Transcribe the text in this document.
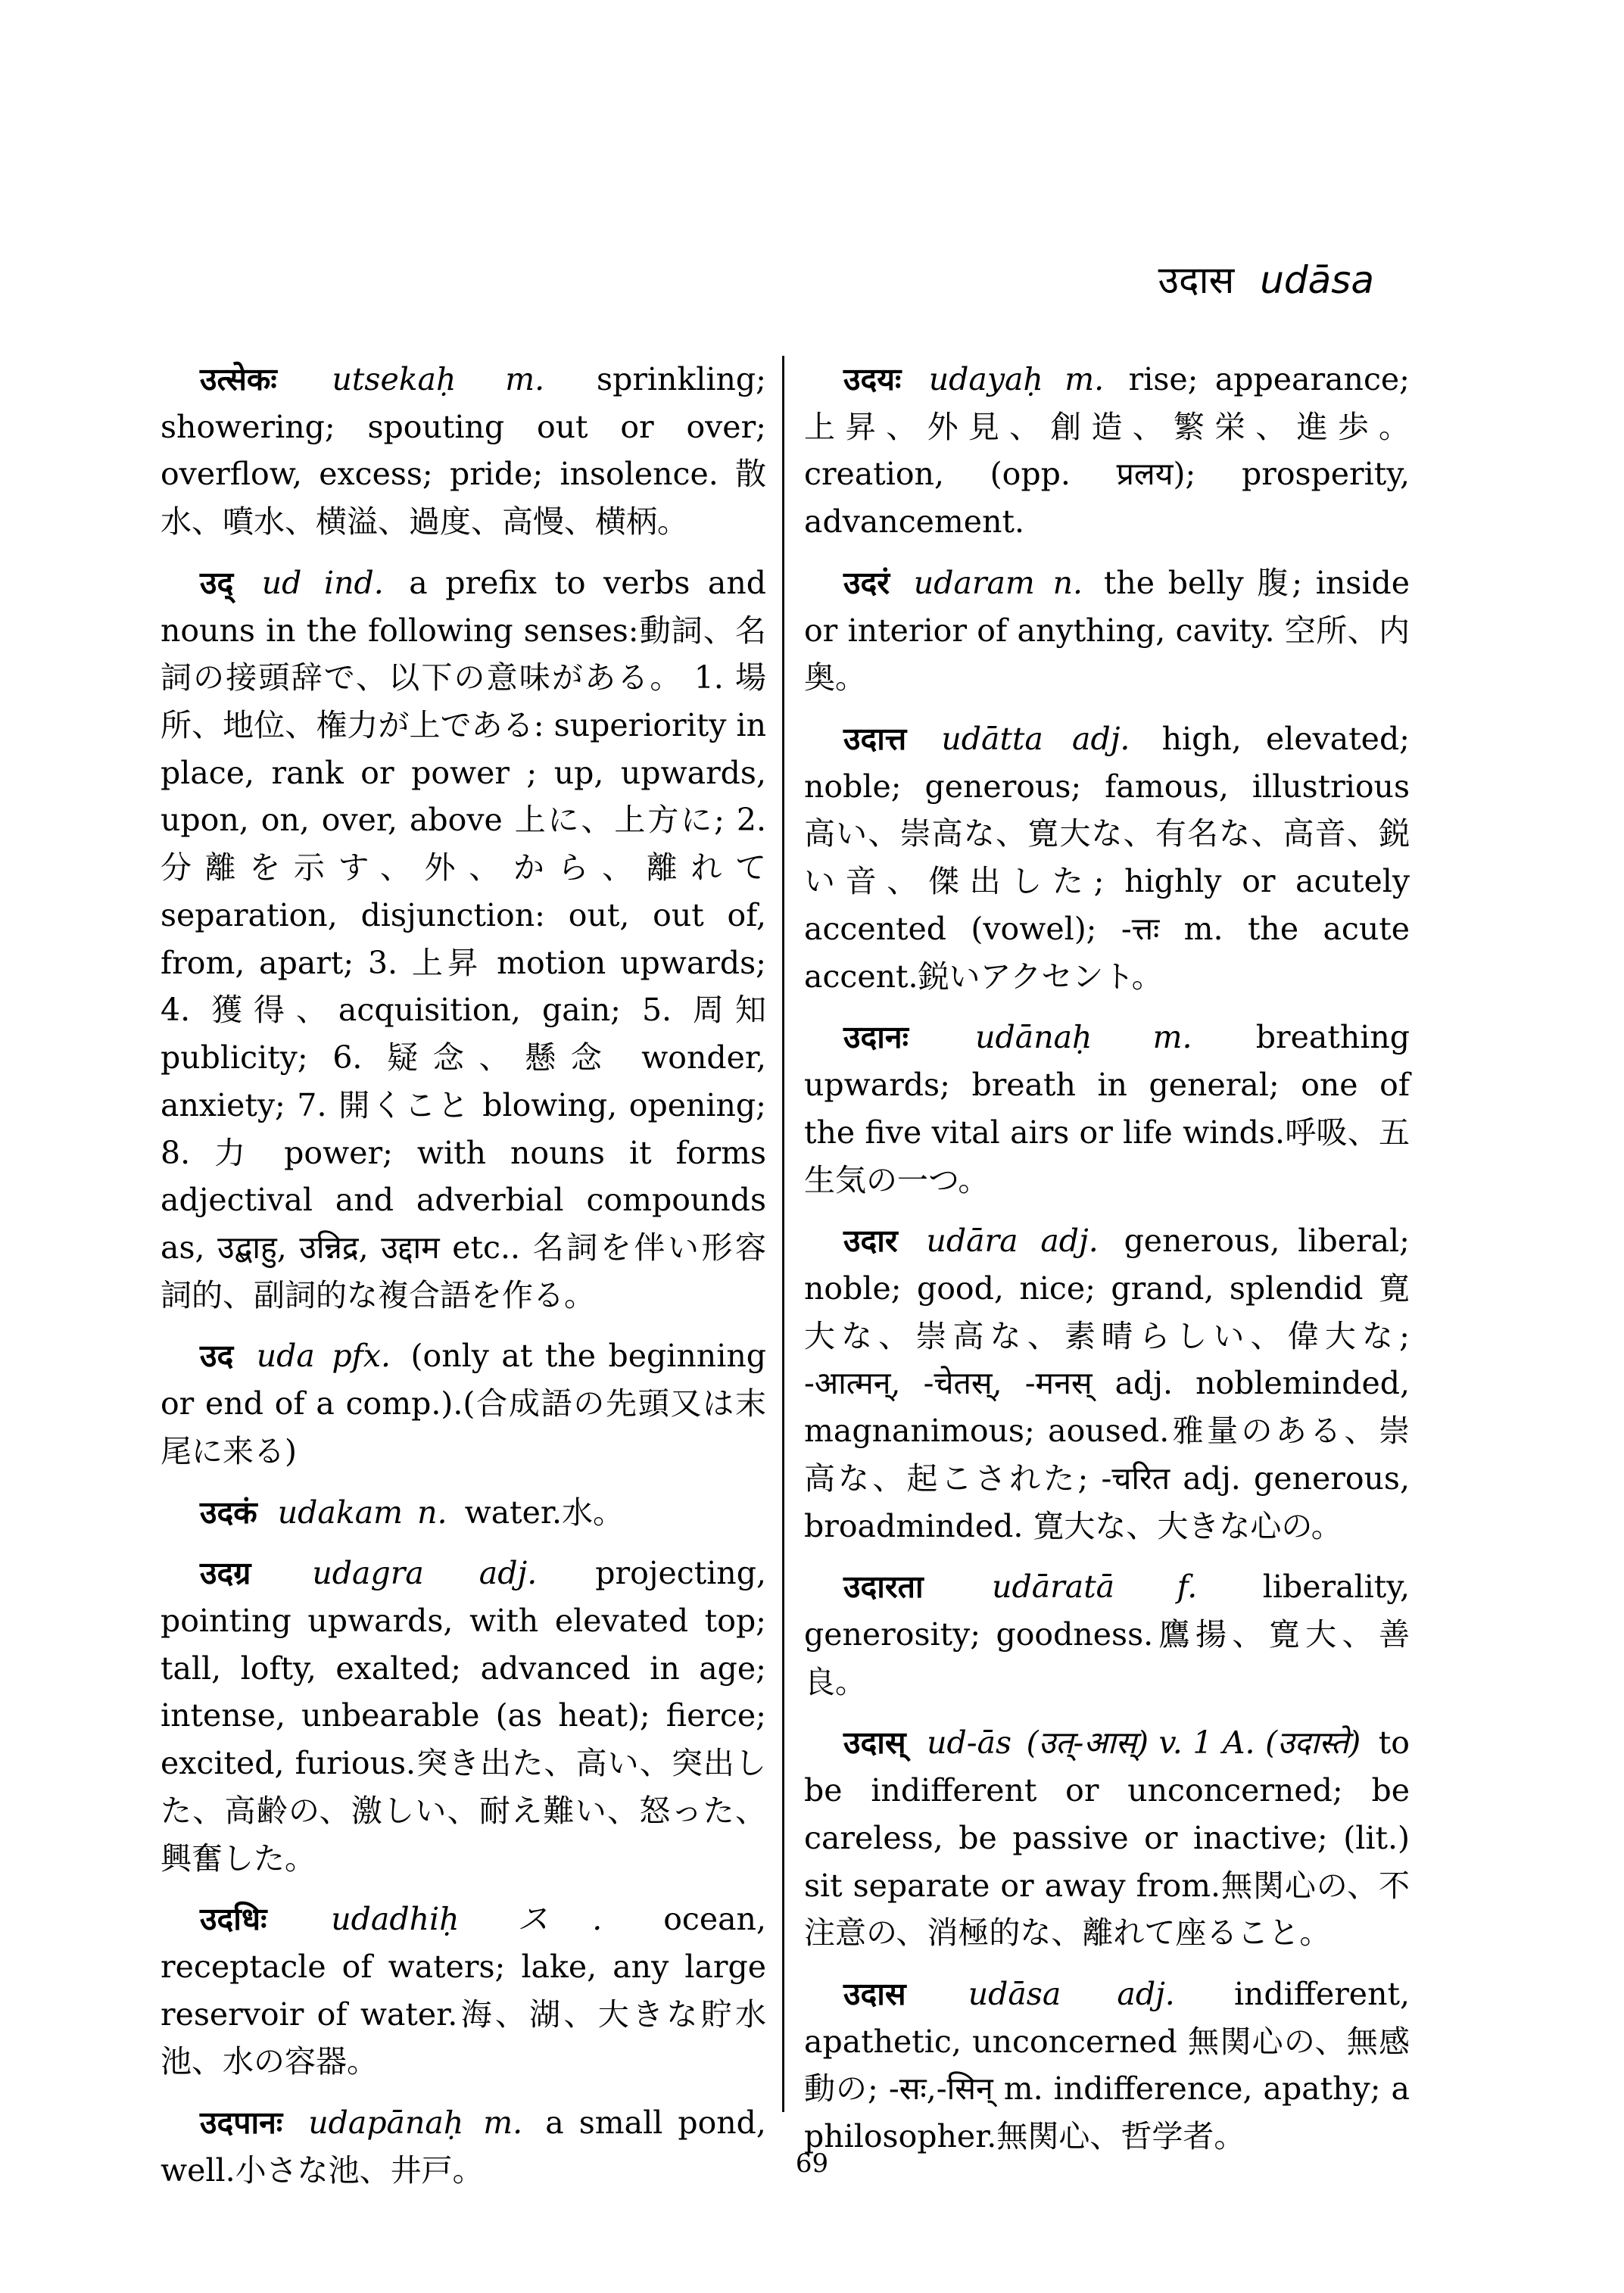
उदास udāsa

उत्सेकः utsekaḥ m. sprinkling; showering; spouting out or over; overflow, excess; pride; insolence. 散水、噴水、横溢、過度、高慢、横柄。

उद् ud ind. a prefix to verbs and nouns in the following senses:動詞、名詞の接頭辞で、以下の意味がある。 1. 場所、地位、権力が上である: superiority in place, rank or power ; up, upwards, upon, on, over, above 上に、上方に; 2. 分離を示す、外、から、離れて separation, disjunction: out, out of, from, apart; 3. 上昇 motion upwards; 4. 獲得、acquisition, gain; 5. 周知 publicity; 6. 疑念、懸念 wonder, anxiety; 7. 開くこと blowing, opening; 8. 力 power; with nouns it forms adjectival and adverbial compounds as, उद्बाहु, उन्निद्र, उद्दाम etc.. 名詞を伴い形容詞的、副詞的な複合語を作る。

उद uda pfx. (only at the beginning or end of a comp.).(合成語の先頭又は末尾に来る)

उदकं udakam n. water.水。

उदग्र udagra adj. projecting, pointing upwards, with elevated top; tall, lofty, exalted; advanced in age; intense, unbearable (as heat); fierce; excited, furious.突き出た、高い、突出した、高齢の、激しい、耐え難い、怒った、興奮した。

उदधिः udadhiḥ ス. ocean, receptacle of waters; lake, any large reservoir of water.海、湖、大きな貯水池、水の容器。

उदपानः udapānaḥ m. a small pond, well.小さな池、井戸。

उदयः udayaḥ m. rise; appearance;上昇、外見、創造、繁栄、進歩。 creation, (opp. प्रलय); prosperity, advancement.

उदरं udaram n. the belly 腹; inside or interior of anything, cavity. 空所、内奥。

उदात्त udātta adj. high, elevated; noble; generous; famous, illustrious 高い、崇高な、寛大な、有名な、高音、鋭い音、傑出した; highly or acutely accented (vowel); -त्तः m. the acute accent.鋭いアクセント。

उदानः udānaḥ m. breathing upwards; breath in general; one of the five vital airs or life winds.呼吸、五生気の一つ。

उदार udāra adj. generous, liberal; noble; good, nice; grand, splendid 寛大な、崇高な、素晴らしい、偉大な; -आत्मन्, -चेतस्, -मनस् adj. nobleminded, magnanimous; aoused.雅量のある、崇高な、起こされた; -चरित adj. generous, broadminded. 寛大な、大きな心の。

उदारता udāratā f. liberality, generosity; goodness.鷹揚、寛大、善良。

उदास् ud-ās (उत्-आस्) v. 1 A. (उदास्ते) to be indifferent or unconcerned; be careless, be passive or inactive; (lit.) sit separate or away from.無関心の、不注意の、消極的な、離れて座ること。

उदास udāsa adj. indifferent, apathetic, unconcerned 無関心の、無感動の; -सः,-सिन् m. indifference, apathy; a philosopher.無関心、哲学者。

69
